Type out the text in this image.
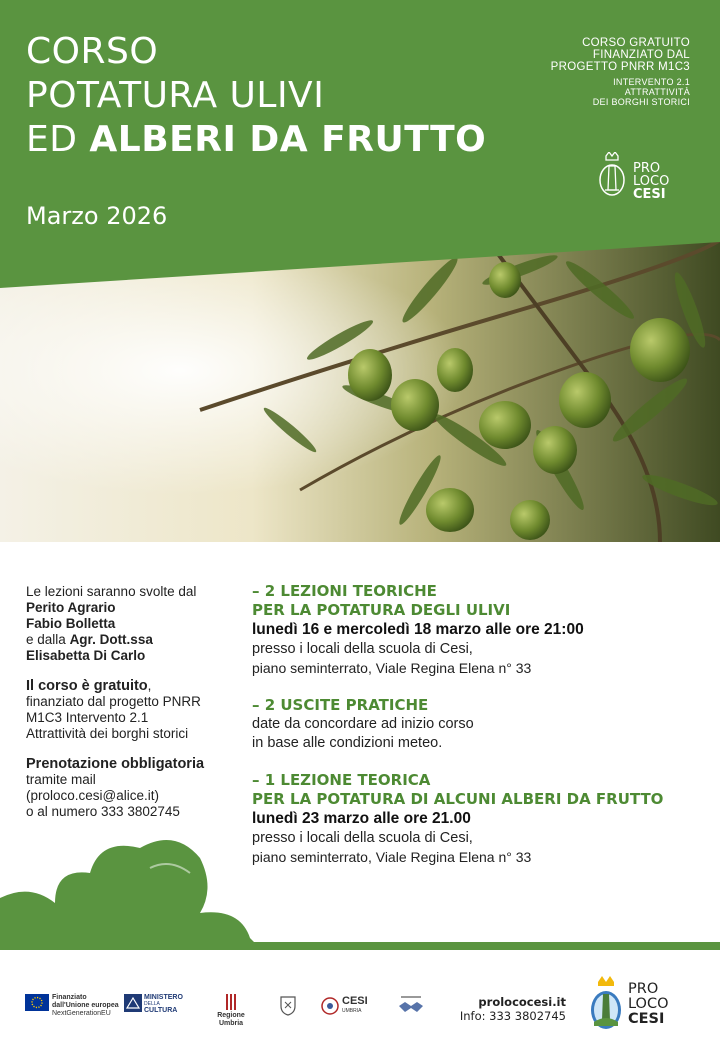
CORSO
POTATURA ULIVI
ED ALBERI DA FRUTTO
Marzo 2026
CORSO GRATUITO
FINANZIATO DAL
PROGETTO PNRR M1C3
INTERVENTO 2.1
ATTRATTIVITÀ
DEI BORGHI STORICI
PRO
LOCO
CESI

Le lezioni saranno svolte dal
Perito Agrario
Fabio Bolletta
e dalla Agr. Dott.ssa
Elisabetta Di Carlo

Il corso è gratuito,
finanziato dal progetto PNRR
M1C3 Intervento 2.1
Attrattività dei borghi storici

Prenotazione obbligatoria
tramite mail
(proloco.cesi@alice.it)
o al numero 333 3802745

– 2 LEZIONI TEORICHE
PER LA POTATURA DEGLI ULIVI
lunedì 16 e mercoledì 18 marzo alle ore 21:00
presso i locali della scuola di Cesi,
piano seminterrato, Viale Regina Elena n° 33
– 2 USCITE PRATICHE
date da concordare ad inizio corso
in base alle condizioni meteo.
– 1 LEZIONE TEORICA
PER LA POTATURA DI ALCUNI ALBERI DA FRUTTO
lunedì 23 marzo alle ore 21.00
presso i locali della scuola di Cesi,
piano seminterrato, Viale Regina Elena n° 33
Finanziato
dall'Unione europea
NextGenerationEU
MINISTERO
DELLA
CULTURA
Regione Umbria
CESI
UMBRIA
prolococesi.it
Info: 333 3802745
PRO
LOCO
CESI
